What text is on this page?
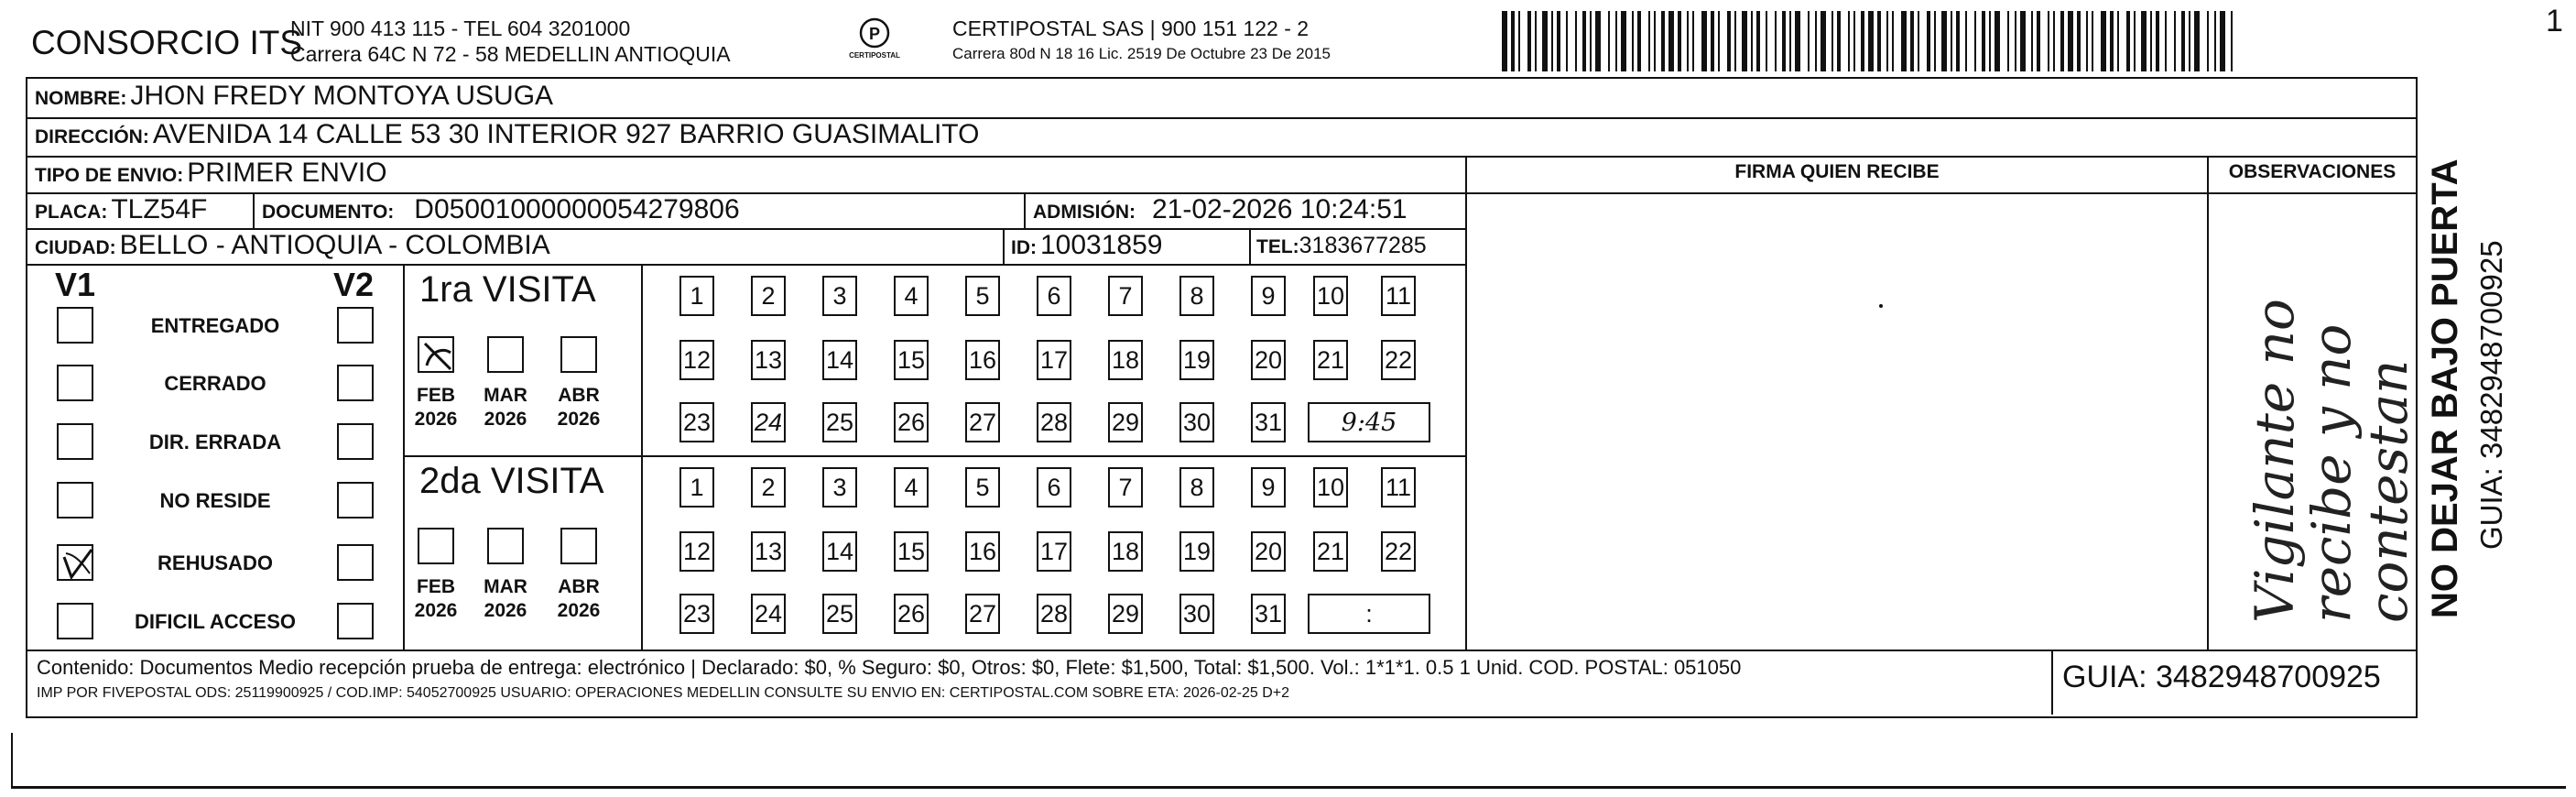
CONSORCIO ITS
NIT 900 413 115 - TEL 604 3201000
Carrera 64C N 72 - 58 MEDELLIN ANTIOQUIA
P
CERTIPOSTAL
CERTIPOSTAL SAS | 900 151 122 - 2
Carrera 80d N 18 16 Lic. 2519 De Octubre 23 De 2015
1
NOMBRE: JHON FREDY MONTOYA USUGA
DIRECCIÓN: AVENIDA 14 CALLE 53 30 INTERIOR 927 BARRIO GUASIMALITO
TIPO DE ENVIO: PRIMER ENVIO	FIRMA QUIEN RECIBE	OBSERVACIONES
PLACA: TLZ54F	DOCUMENTO: D05001000000054279806	ADMISIÓN: 21-02-2026 10:24:51
CIUDAD: BELLO - ANTIOQUIA - COLOMBIA	ID: 10031859	TEL:3183677285
V1	V2
ENTREGADO
CERRADO
DIR. ERRADA
NO RESIDE
REHUSADO
DIFICIL ACCESO
1ra VISITA
FEB
2026
MAR
2026
ABR
2026
1	2	3	4	5	6	7	8	9	10 11
12 13 14 15 16 17 18 19 20 21 22
23 24 25 26 27 28 29 30 31	9:45
2da VISITA
FEB
2026
MAR
2026
ABR
2026
1	2	3	4	5	6	7	8	9	10 11
12 13 14 15 16 17 18 19 20 21 22
23 24 25 26 27 28 29 30 31	:	Vigilante no
recibe y no
contestan NO DEJAR BAJO PUERTA GUIA: 3482948700925
Contenido: Documentos Medio recepción prueba de entrega: electrónico | Declarado: $0, % Seguro: $0, Otros: $0, Flete: $1,500, Total: $1,500. Vol.: 1*1*1. 0.5 1 Unid. COD. POSTAL: 051050
IMP POR FIVEPOSTAL ODS: 25119900925 / COD.IMP: 54052700925 USUARIO: OPERACIONES MEDELLIN CONSULTE SU ENVIO EN: CERTIPOSTAL.COM SOBRE ETA: 2026-02-25 D+2	GUIA: 3482948700925
